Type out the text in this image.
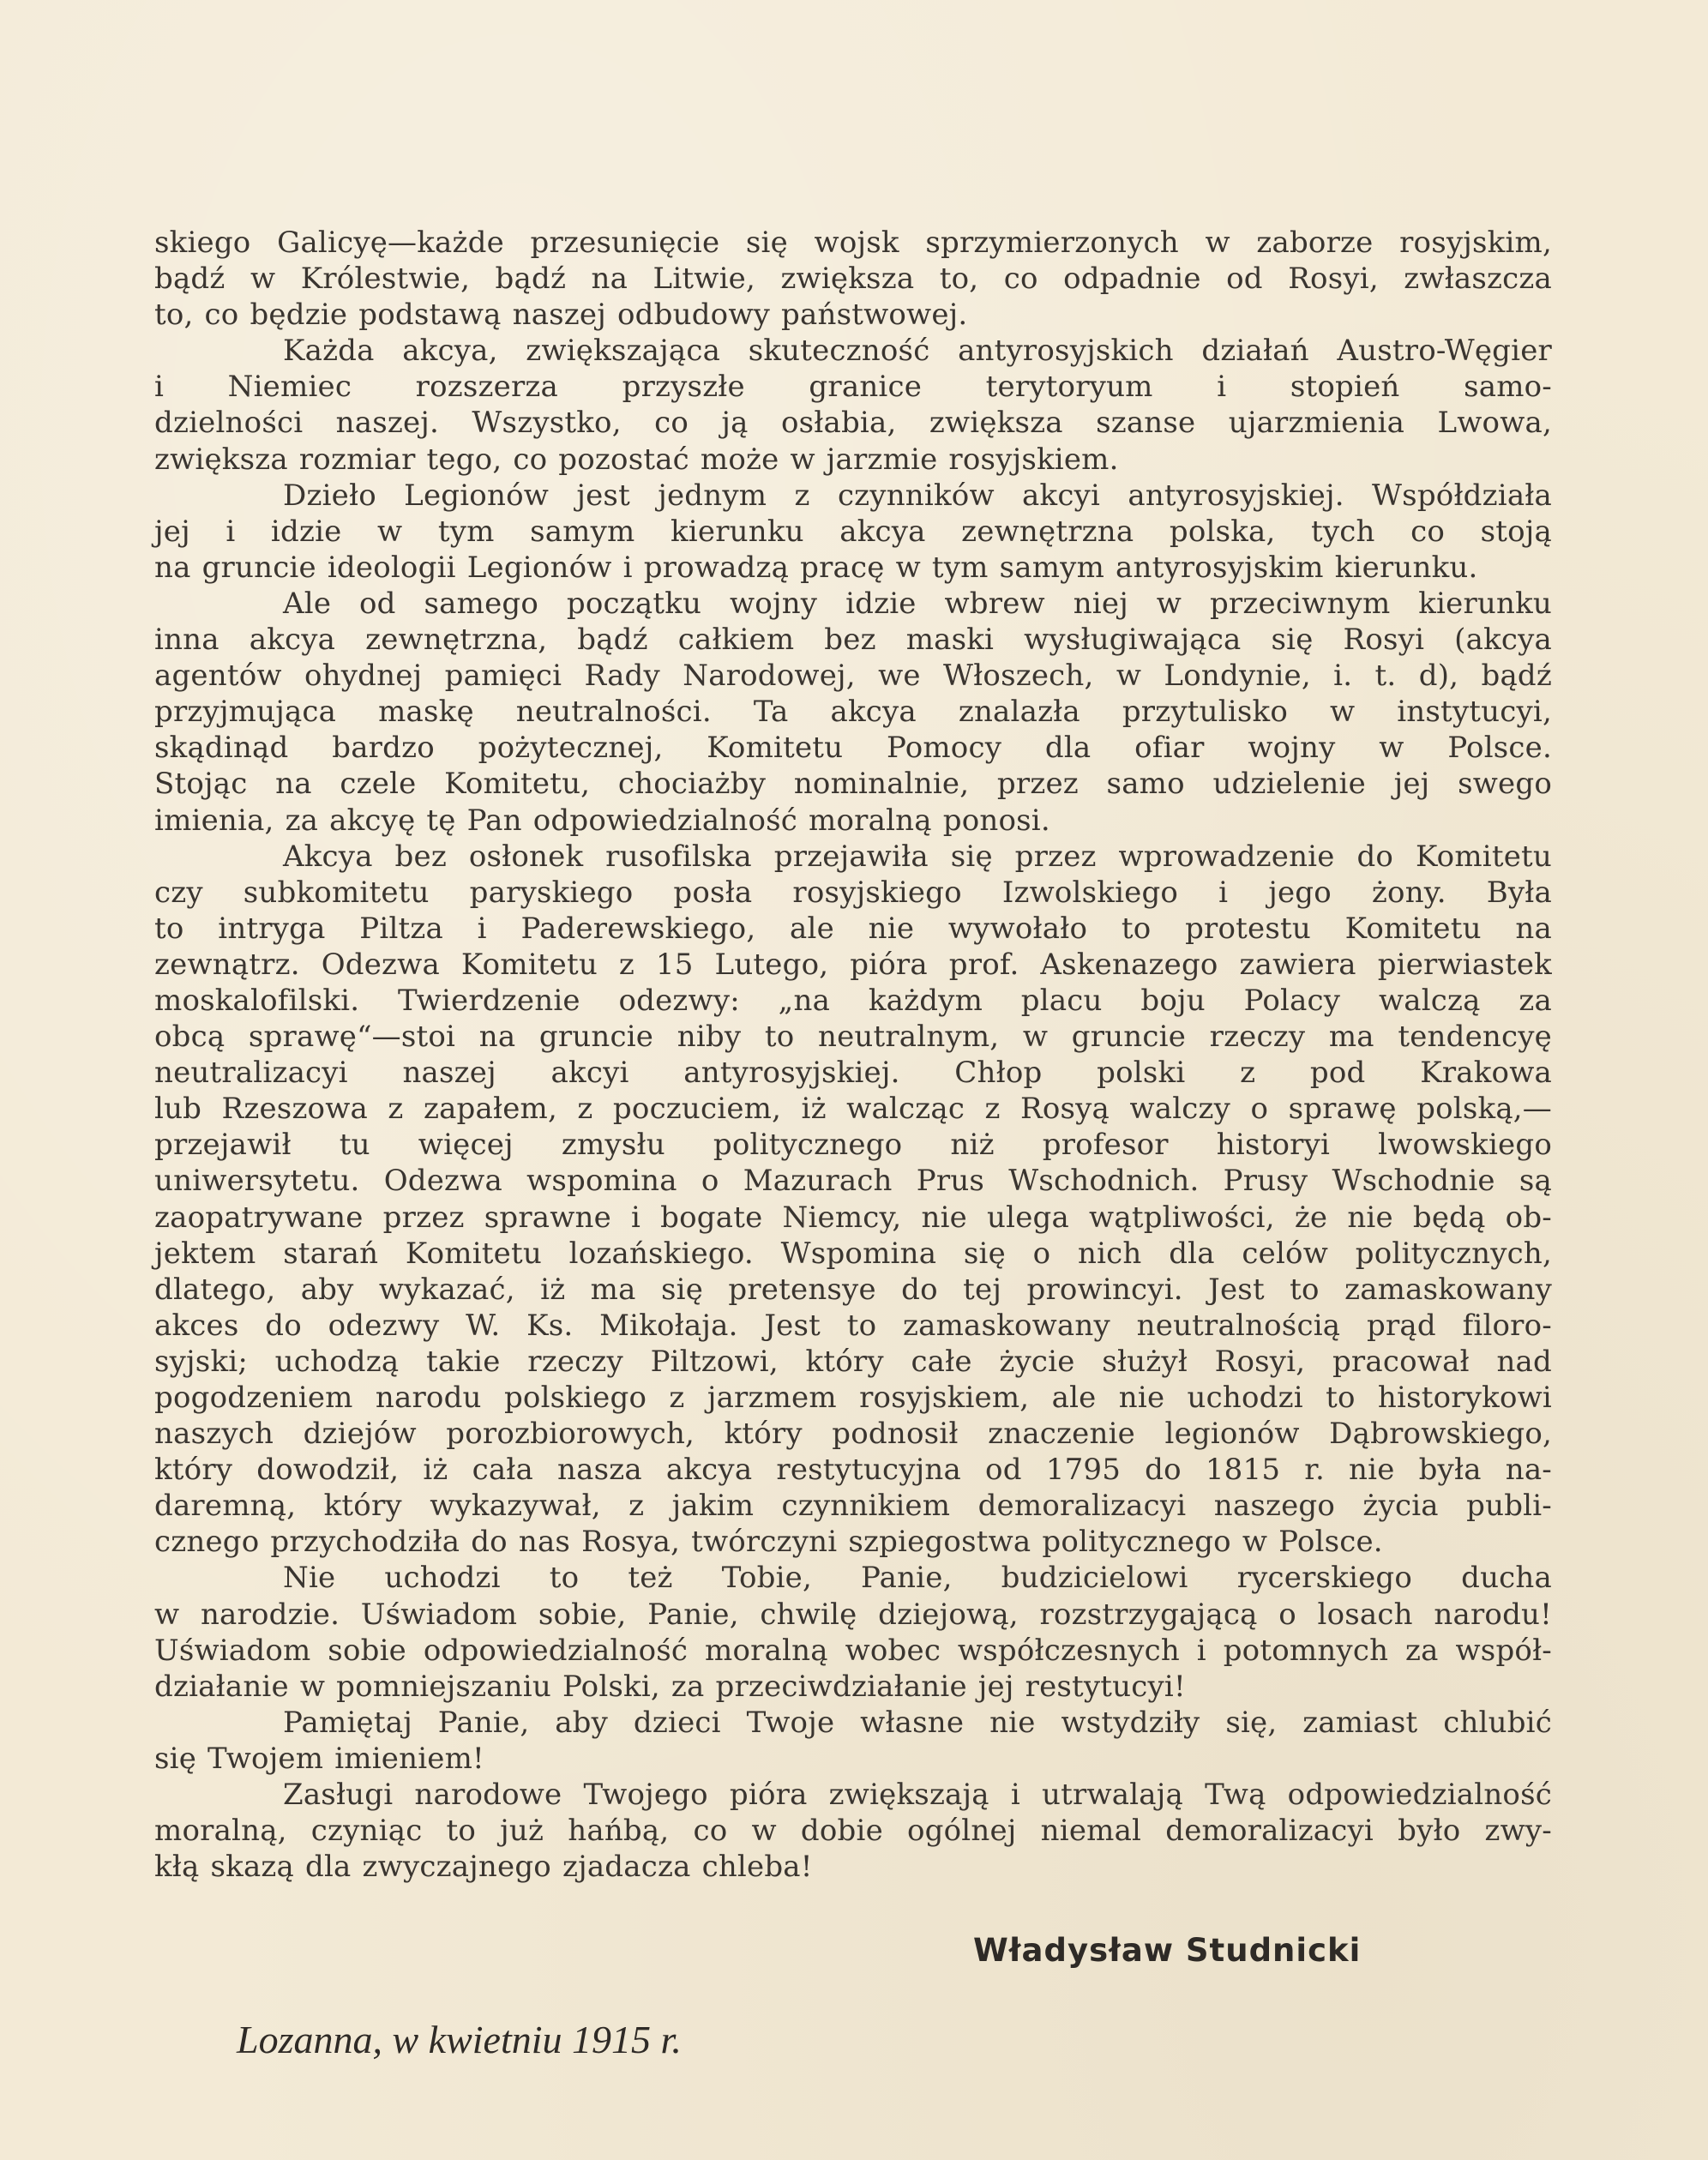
skiego Galicyę—każde przesunięcie się wojsk sprzymierzonych w zaborze rosyjskim,
bądź w Królestwie, bądź na Litwie, zwiększa to, co odpadnie od Rosyi, zwłaszcza
to, co będzie podstawą naszej odbudowy państwowej.
Każda akcya, zwiększająca skuteczność antyrosyjskich działań Austro-Węgier
i Niemiec rozszerza przyszłe granice terytoryum i stopień samo-
dzielności naszej. Wszystko, co ją osłabia, zwiększa szanse ujarzmienia Lwowa,
zwiększa rozmiar tego, co pozostać może w jarzmie rosyjskiem.
Dzieło Legionów jest jednym z czynników akcyi antyrosyjskiej. Współdziała
jej i idzie w tym samym kierunku akcya zewnętrzna polska, tych co stoją
na gruncie ideologii Legionów i prowadzą pracę w tym samym antyrosyjskim kierunku.
Ale od samego początku wojny idzie wbrew niej w przeciwnym kierunku
inna akcya zewnętrzna, bądź całkiem bez maski wysługiwająca się Rosyi (akcya
agentów ohydnej pamięci Rady Narodowej, we Włoszech, w Londynie, i. t. d), bądź
przyjmująca maskę neutralności. Ta akcya znalazła przytulisko w instytucyi,
skądinąd bardzo pożytecznej, Komitetu Pomocy dla ofiar wojny w Polsce.
Stojąc na czele Komitetu, chociażby nominalnie, przez samo udzielenie jej swego
imienia, za akcyę tę Pan odpowiedzialność moralną ponosi.
Akcya bez osłonek rusofilska przejawiła się przez wprowadzenie do Komitetu
czy subkomitetu paryskiego posła rosyjskiego Izwolskiego i jego żony. Była
to intryga Piltza i Paderewskiego, ale nie wywołało to protestu Komitetu na
zewnątrz. Odezwa Komitetu z 15 Lutego, pióra prof. Askenazego zawiera pierwiastek
moskalofilski. Twierdzenie odezwy: „na każdym placu boju Polacy walczą za
obcą sprawę“—stoi na gruncie niby to neutralnym, w gruncie rzeczy ma tendencyę
neutralizacyi naszej akcyi antyrosyjskiej. Chłop polski z pod Krakowa
lub Rzeszowa z zapałem, z poczuciem, iż walcząc z Rosyą walczy o sprawę polską,—
przejawił tu więcej zmysłu politycznego niż profesor historyi lwowskiego
uniwersytetu. Odezwa wspomina o Mazurach Prus Wschodnich. Prusy Wschodnie są
zaopatrywane przez sprawne i bogate Niemcy, nie ulega wątpliwości, że nie będą ob-
jektem starań Komitetu lozańskiego. Wspomina się o nich dla celów politycznych,
dlatego, aby wykazać, iż ma się pretensye do tej prowincyi. Jest to zamaskowany
akces do odezwy W. Ks. Mikołaja. Jest to zamaskowany neutralnością prąd filoro-
syjski; uchodzą takie rzeczy Piltzowi, który całe życie służył Rosyi, pracował nad
pogodzeniem narodu polskiego z jarzmem rosyjskiem, ale nie uchodzi to historykowi
naszych dziejów porozbiorowych, który podnosił znaczenie legionów Dąbrowskiego,
który dowodził, iż cała nasza akcya restytucyjna od 1795 do 1815 r. nie była na-
daremną, który wykazywał, z jakim czynnikiem demoralizacyi naszego życia publi-
cznego przychodziła do nas Rosya, twórczyni szpiegostwa politycznego w Polsce.
Nie uchodzi to też Tobie, Panie, budzicielowi rycerskiego ducha
w narodzie. Uświadom sobie, Panie, chwilę dziejową, rozstrzygającą o losach narodu!
Uświadom sobie odpowiedzialność moralną wobec współczesnych i potomnych za współ-
działanie w pomniejszaniu Polski, za przeciwdziałanie jej restytucyi!
Pamiętaj Panie, aby dzieci Twoje własne nie wstydziły się, zamiast chlubić
się Twojem imieniem!
Zasługi narodowe Twojego pióra zwiększają i utrwalają Twą odpowiedzialność
moralną, czyniąc to już hańbą, co w dobie ogólnej niemal demoralizacyi było zwy-
kłą skazą dla zwyczajnego zjadacza chleba!
Władysław Studnicki
Lozanna, w kwietniu 1915 r.
